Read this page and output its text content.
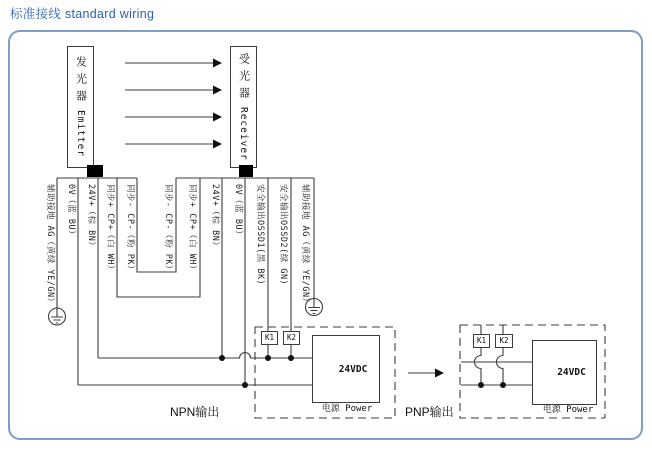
标准接线 standard wiring
发光器
Emitter
受光器
Receiver
辅助接地 AG（黄绿 YE/GN） 0V（蓝 BU） 24V+（棕 BN） 同步+ CP+（白 WH） 同步- CP-（粉 PK）	同步- CP-（粉 PK） 同步+ CP+（白 WH） 24V+（棕 BN） 0V（蓝 BU） 安全输出OSSD1(黑 BK) 安全输出OSSD2(绿 GN) 辅助接地 AG（黄绿 YE/GN）
K1	K2
24VDC
电源 Power
NPN输出
K1	K2
24VDC
电源 Power
PNP输出
